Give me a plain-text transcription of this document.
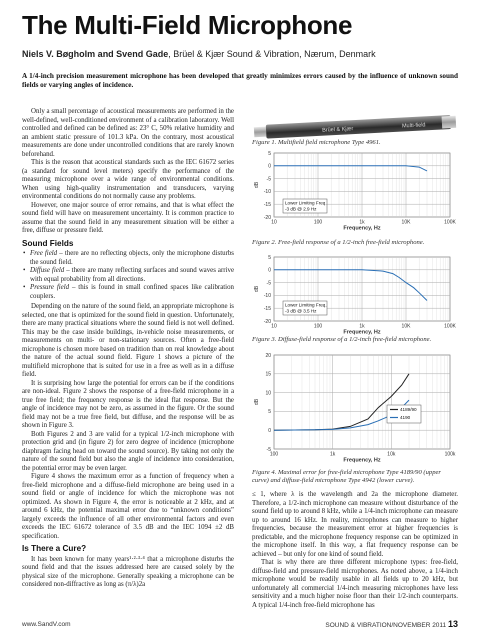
The Multi-Field Microphone
Niels V. Bøgholm and Svend Gade, Brüel & Kjær Sound & Vibration, Nærum, Denmark

A 1/4-inch precision measurement microphone has been developed that greatly minimizes errors caused by the influence of unknown sound fields or varying angles of incidence.

Only a small percentage of acoustical measurements are performed in the well-defined, well-conditioned environment of a calibration laboratory. Well controlled and defined can be defined as: 23° C, 50% relative humidity and an ambient static pressure of 101.3 kPa. On the contrary, most acoustical measurements are done under uncontrolled conditions that are rarely known beforehand.

This is the reason that acoustical standards such as the IEC 61672 series (a standard for sound level meters) specify the performance of the measuring microphone over a wide range of environmental conditions. When using high-quality instrumentation and transducers, varying environmental conditions do not normally cause any problems.

However, one major source of error remains, and that is what effect the sound field will have on measurement uncertainty. It is common practice to assume that the sound field in any measurement situation will be either a free, diffuse or pressure field.

Sound Fields
• Free field – there are no reflecting objects, only the microphone disturbs the sound field.
• Diffuse field – there are many reflecting surfaces and sound waves arrive with equal probability from all directions.
• Pressure field – this is found in small confined spaces like calibration couplers.

Depending on the nature of the sound field, an appropriate microphone is selected, one that is optimized for the sound field in question. Unfortunately, there are many practical situations where the sound field is not well defined. This may be the case inside buildings, in-vehicle noise measurements, or measurements on multi- or non-stationary sources. Often a free-field microphone is chosen more based on tradition than on real knowledge about the nature of the actual sound field. Figure 1 shows a picture of the multifield microphone that is suited for use in a free as well as in a diffuse field.

It is surprising how large the potential for errors can be if the conditions are non-ideal. Figure 2 shows the response of a free-field microphone in a true free field; the frequency response is the ideal flat response. But the angle of incidence may not be zero, as assumed in the figure. Or the sound field may not be a true free field, but diffuse, and the response will be as shown in Figure 3.

Both Figures 2 and 3 are valid for a typical 1/2-inch microphone with protection grid and (in figure 2) for zero degree of incidence (microphone diaphragm facing head on toward the sound source). By taking not only the nature of the sound field but also the angle of incidence into consideration, the potential error may be even larger.

Figure 4 shows the maximum error as a function of frequency when a free-field microphone and a diffuse-field microphone are being used in a sound field or angle of incidence for which the microphone was not optimized. As shown in Figure 4, the error is noticeable at 2 kHz, and at around 6 kHz, the potential maximal error due to “unknown conditions” largely exceeds the influence of all other environmental factors and even exceeds the IEC 61672 tolerance of 3.5 dB and the IEC 1094 ±2 dB specification.

Is There a Cure?

It has been known for many years¹·²·³·⁴ that a microphone disturbs the sound field and that the issues addressed here are caused solely by the physical size of the microphone. Generally speaking a microphone can be considered non-diffractive as long as (π/λ)2a

Brüel & Kjær
Multi-field
Figure 1. Multifield field microphone Type 4961.
10	100	1k	10K	100K
5
0
-5
-10
-15
-20
dB
Frequency, Hz
Lower Limiting Freq.
-3 dB @ 2.9 Hz
Figure 2. Free-field response of a 1/2-inch free-field microphone.
10	100	1k	10K	100K
5
0
-5
-10
-15
-20
dB
Frequency, Hz
Lower Limiting Freq.
-3 dB @ 3.5 Hz
Figure 3. Diffuse-field response of a 1/2-inch free-field microphone.
100	1k	10k	100k
20
15
10
5
0
-5
dB
Frequency, Hz
4189/90
4190
Figure 4. Maximal error for free-field microphone Type 4189/90 (upper curve) and diffuse-field microphone Type 4942 (lower curve).

≤ 1, where λ is the wavelength and 2a the microphone diameter. Therefore, a 1/2-inch microphone can measure without disturbance of the sound field up to around 8 kHz, while a 1/4-inch microphone can measure up to around 16 kHz. In reality, microphones can measure to higher frequencies, because the measurement error at higher frequencies is predictable, and the microphone frequency response can be optimized in the microphone itself. In this way, a flat frequency response can be achieved – but only for one kind of sound field.

That is why there are three different microphone types: free-field, diffuse-field and pressure-field microphones. As noted above, a 1/4-inch microphone would be readily usable in all fields up to 20 kHz, but unfortunately all commercial 1/4-inch measuring microphones have less sensitivity and a much higher noise floor than their 1/2-inch counterparts. A typical 1/4-inch free-field microphone has

www.SandV.com	SOUND & VIBRATION/NOVEMBER 2011 13
